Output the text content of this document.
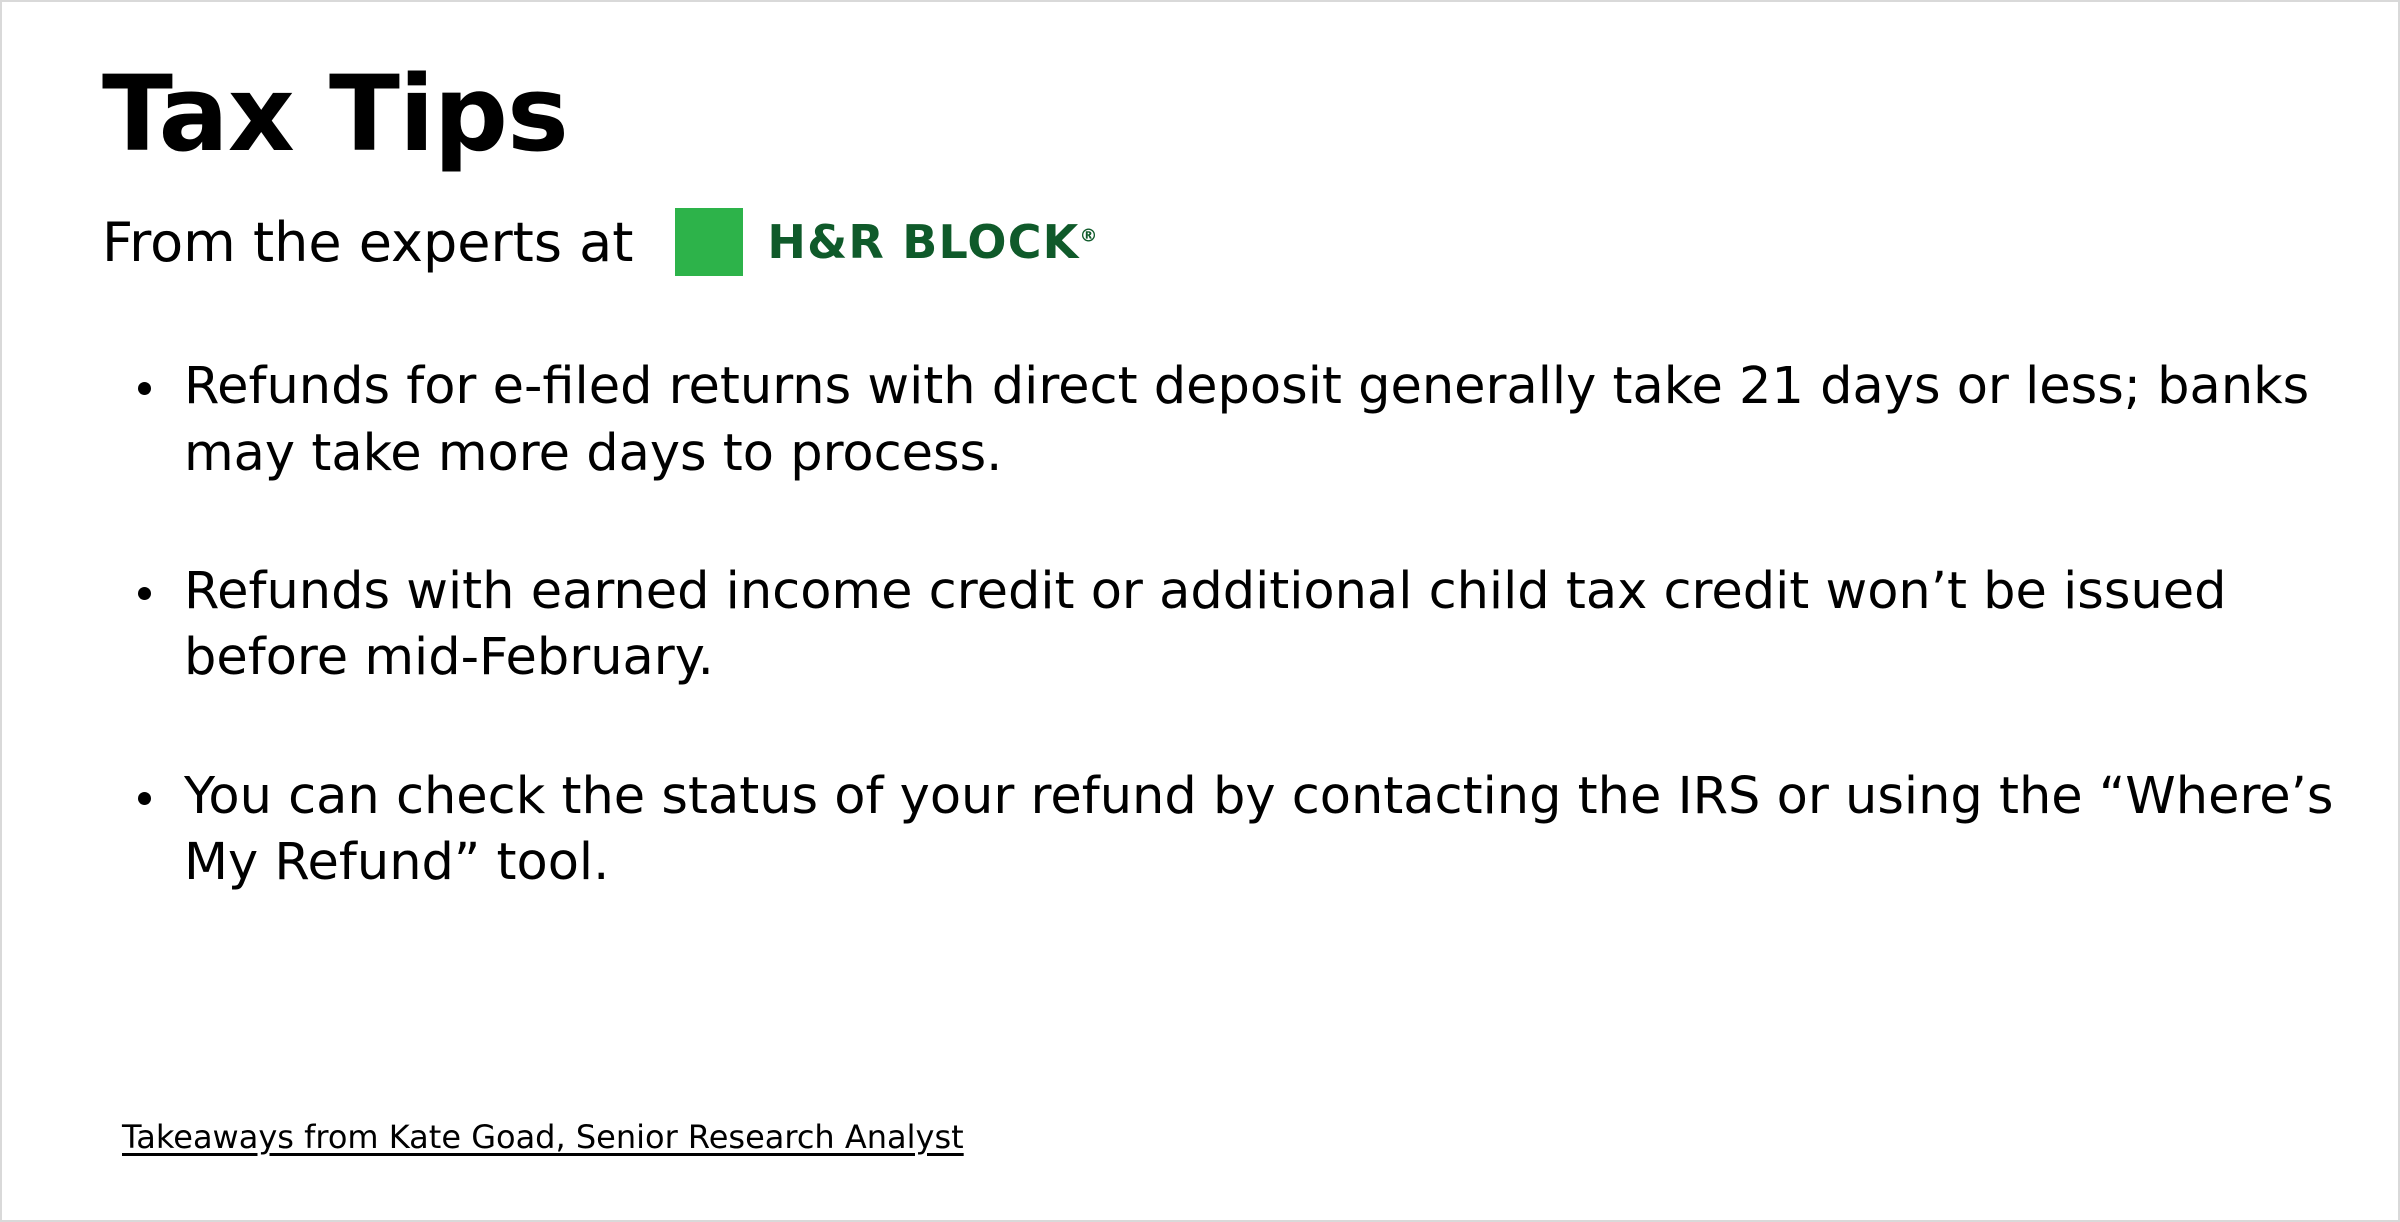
Tax Tips
From the experts at	H&R BLOCK®
Refunds for e-filed returns with direct deposit generally take 21 days or less; banks may take more days to process.
Refunds with earned income credit or additional child tax credit won’t be issued before mid-February.
You can check the status of your refund by contacting the IRS or using the “Where’s My Refund” tool.
Takeaways from Kate Goad, Senior Research Analyst
